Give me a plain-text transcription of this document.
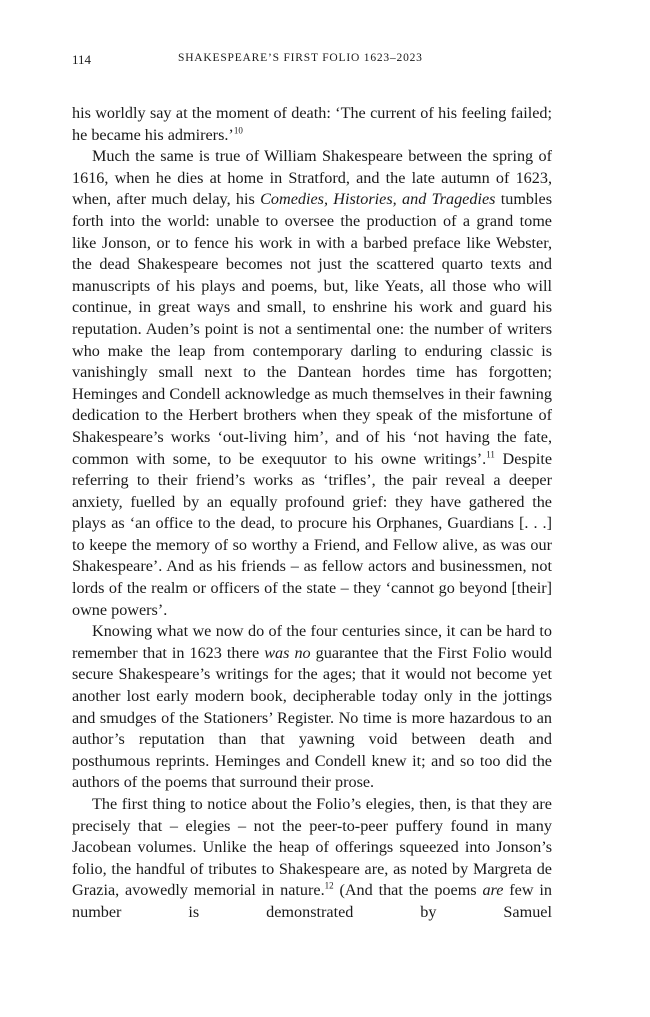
114	SHAKESPEARE’S FIRST FOLIO 1623–2023

his worldly say at the moment of death: ‘The current of his feeling failed; he became his admirers.’$^{10}$

Much the same is true of William Shakespeare between the spring of 1616, when he dies at home in Stratford, and the late autumn of 1623, when, after much delay, his Comedies, Histories, and Tragedies tumbles forth into the world: unable to oversee the production of a grand tome like Jonson, or to fence his work in with a barbed preface like Webster, the dead Shakespeare becomes not just the scattered quarto texts and manuscripts of his plays and poems, but, like Yeats, all those who will continue, in great ways and small, to enshrine his work and guard his reputation. Auden’s point is not a sentimental one: the number of writers who make the leap from contemporary darling to enduring classic is vanishingly small next to the Dantean hordes time has forgotten; Heminges and Condell acknowledge as much themselves in their fawning dedication to the Herbert brothers when they speak of the misfortune of Shakespeare’s works ‘out-living him’, and of his ‘not having the fate, common with some, to be exequutor to his owne writings’.$^{11}$ Despite referring to their friend’s works as ‘trifles’, the pair reveal a deeper anxiety, fuelled by an equally profound grief: they have gathered the plays as ‘an office to the dead, to procure his Orphanes, Guardians [. . .] to keepe the memory of so worthy a Friend, and Fellow alive, as was our Shakespeare’. And as his friends – as fellow actors and businessmen, not lords of the realm or officers of the state – they ‘cannot go beyond [their] owne powers’.

Knowing what we now do of the four centuries since, it can be hard to remember that in 1623 there was no guarantee that the First Folio would secure Shakespeare’s writings for the ages; that it would not become yet another lost early modern book, decipherable today only in the jottings and smudges of the Stationers’ Register. No time is more hazardous to an author’s reputation than that yawning void between death and posthumous reprints. Heminges and Condell knew it; and so too did the authors of the poems that surround their prose.

The first thing to notice about the Folio’s elegies, then, is that they are precisely that – elegies – not the peer-to-peer puffery found in many Jacobean volumes. Unlike the heap of offerings squeezed into Jonson’s folio, the handful of tributes to Shakespeare are, as noted by Margreta de Grazia, avowedly memorial in nature.$^{12}$ (And that the poems are few in number is demonstrated by Samuel
